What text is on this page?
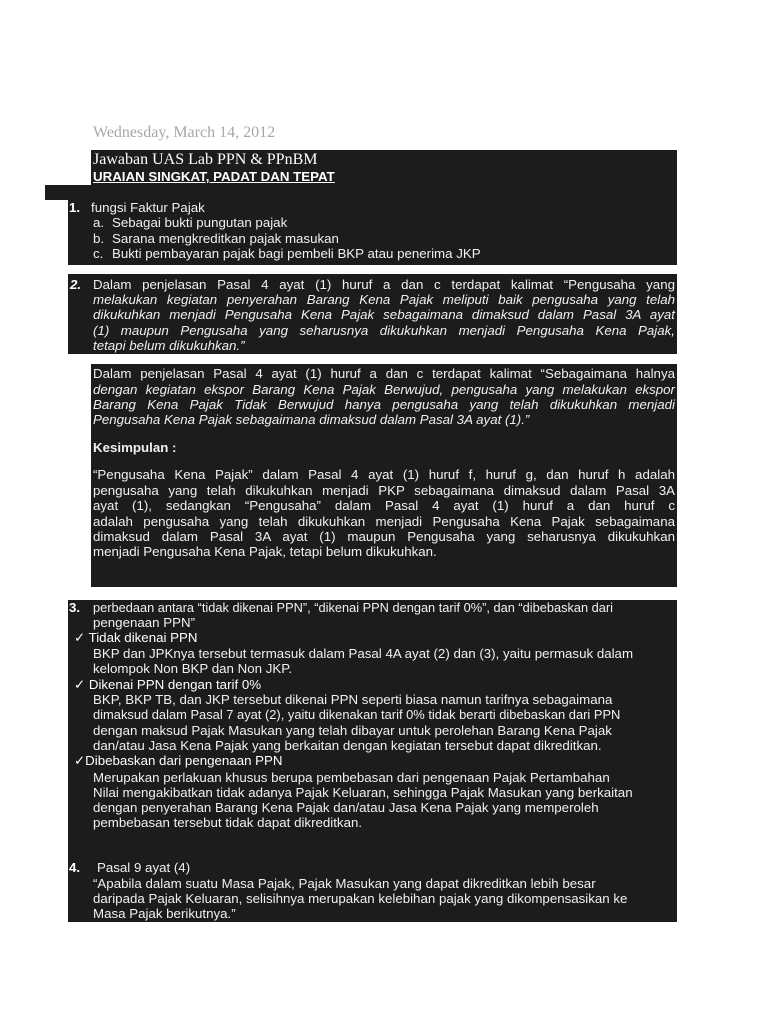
Wednesday, March 14, 2012
Jawaban UAS Lab PPN & PPnBM
URAIAN SINGKAT, PADAT DAN TEPAT
1. fungsi Faktur Pajak
a. Sebagai bukti pungutan pajak
b. Sarana mengkreditkan pajak masukan
c. Bukti pembayaran pajak bagi pembeli BKP atau penerima JKP
2. Dalam penjelasan Pasal 4 ayat (1) huruf a dan c terdapat kalimat “Pengusaha yang
melakukan kegiatan penyerahan Barang Kena Pajak meliputi baik pengusaha yang telah
dikukuhkan menjadi Pengusaha Kena Pajak sebagaimana dimaksud dalam Pasal 3A ayat
(1) maupun Pengusaha yang seharusnya dikukuhkan menjadi Pengusaha Kena Pajak,
tetapi belum dikukuhkan.”
Dalam penjelasan Pasal 4 ayat (1) huruf a dan c terdapat kalimat “Sebagaimana halnya
dengan kegiatan ekspor Barang Kena Pajak Berwujud, pengusaha yang melakukan ekspor
Barang Kena Pajak Tidak Berwujud hanya pengusaha yang telah dikukuhkan menjadi
Pengusaha Kena Pajak sebagaimana dimaksud dalam Pasal 3A ayat (1).”
Kesimpulan :
“Pengusaha Kena Pajak” dalam Pasal 4 ayat (1) huruf f, huruf g, dan huruf h adalah
pengusaha yang telah dikukuhkan menjadi PKP sebagaimana dimaksud dalam Pasal 3A
ayat (1), sedangkan “Pengusaha” dalam Pasal 4 ayat (1) huruf a dan huruf c
adalah pengusaha yang telah dikukuhkan menjadi Pengusaha Kena Pajak sebagaimana
dimaksud dalam Pasal 3A ayat (1) maupun Pengusaha yang seharusnya dikukuhkan
menjadi Pengusaha Kena Pajak, tetapi belum dikukuhkan.
3. perbedaan antara “tidak dikenai PPN”, “dikenai PPN dengan tarif 0%”, dan “dibebaskan dari
pengenaan PPN”
✓ Tidak dikenai PPN
BKP dan JPKnya tersebut termasuk dalam Pasal 4A ayat (2) dan (3), yaitu permasuk dalam
kelompok Non BKP dan Non JKP.
✓ Dikenai PPN dengan tarif 0%
BKP, BKP TB, dan JKP tersebut dikenai PPN seperti biasa namun tarifnya sebagaimana
dimaksud dalam Pasal 7 ayat (2), yaitu dikenakan tarif 0% tidak berarti dibebaskan dari PPN
dengan maksud Pajak Masukan yang telah dibayar untuk perolehan Barang Kena Pajak
dan/atau Jasa Kena Pajak yang berkaitan dengan kegiatan tersebut dapat dikreditkan.
✓Dibebaskan dari pengenaan PPN
Merupakan perlakuan khusus berupa pembebasan dari pengenaan Pajak Pertambahan
Nilai mengakibatkan tidak adanya Pajak Keluaran, sehingga Pajak Masukan yang berkaitan
dengan penyerahan Barang Kena Pajak dan/atau Jasa Kena Pajak yang memperoleh
pembebasan tersebut tidak dapat dikreditkan.
4. Pasal 9 ayat (4)
“Apabila dalam suatu Masa Pajak, Pajak Masukan yang dapat dikreditkan lebih besar
daripada Pajak Keluaran, selisihnya merupakan kelebihan pajak yang dikompensasikan ke
Masa Pajak berikutnya.”
